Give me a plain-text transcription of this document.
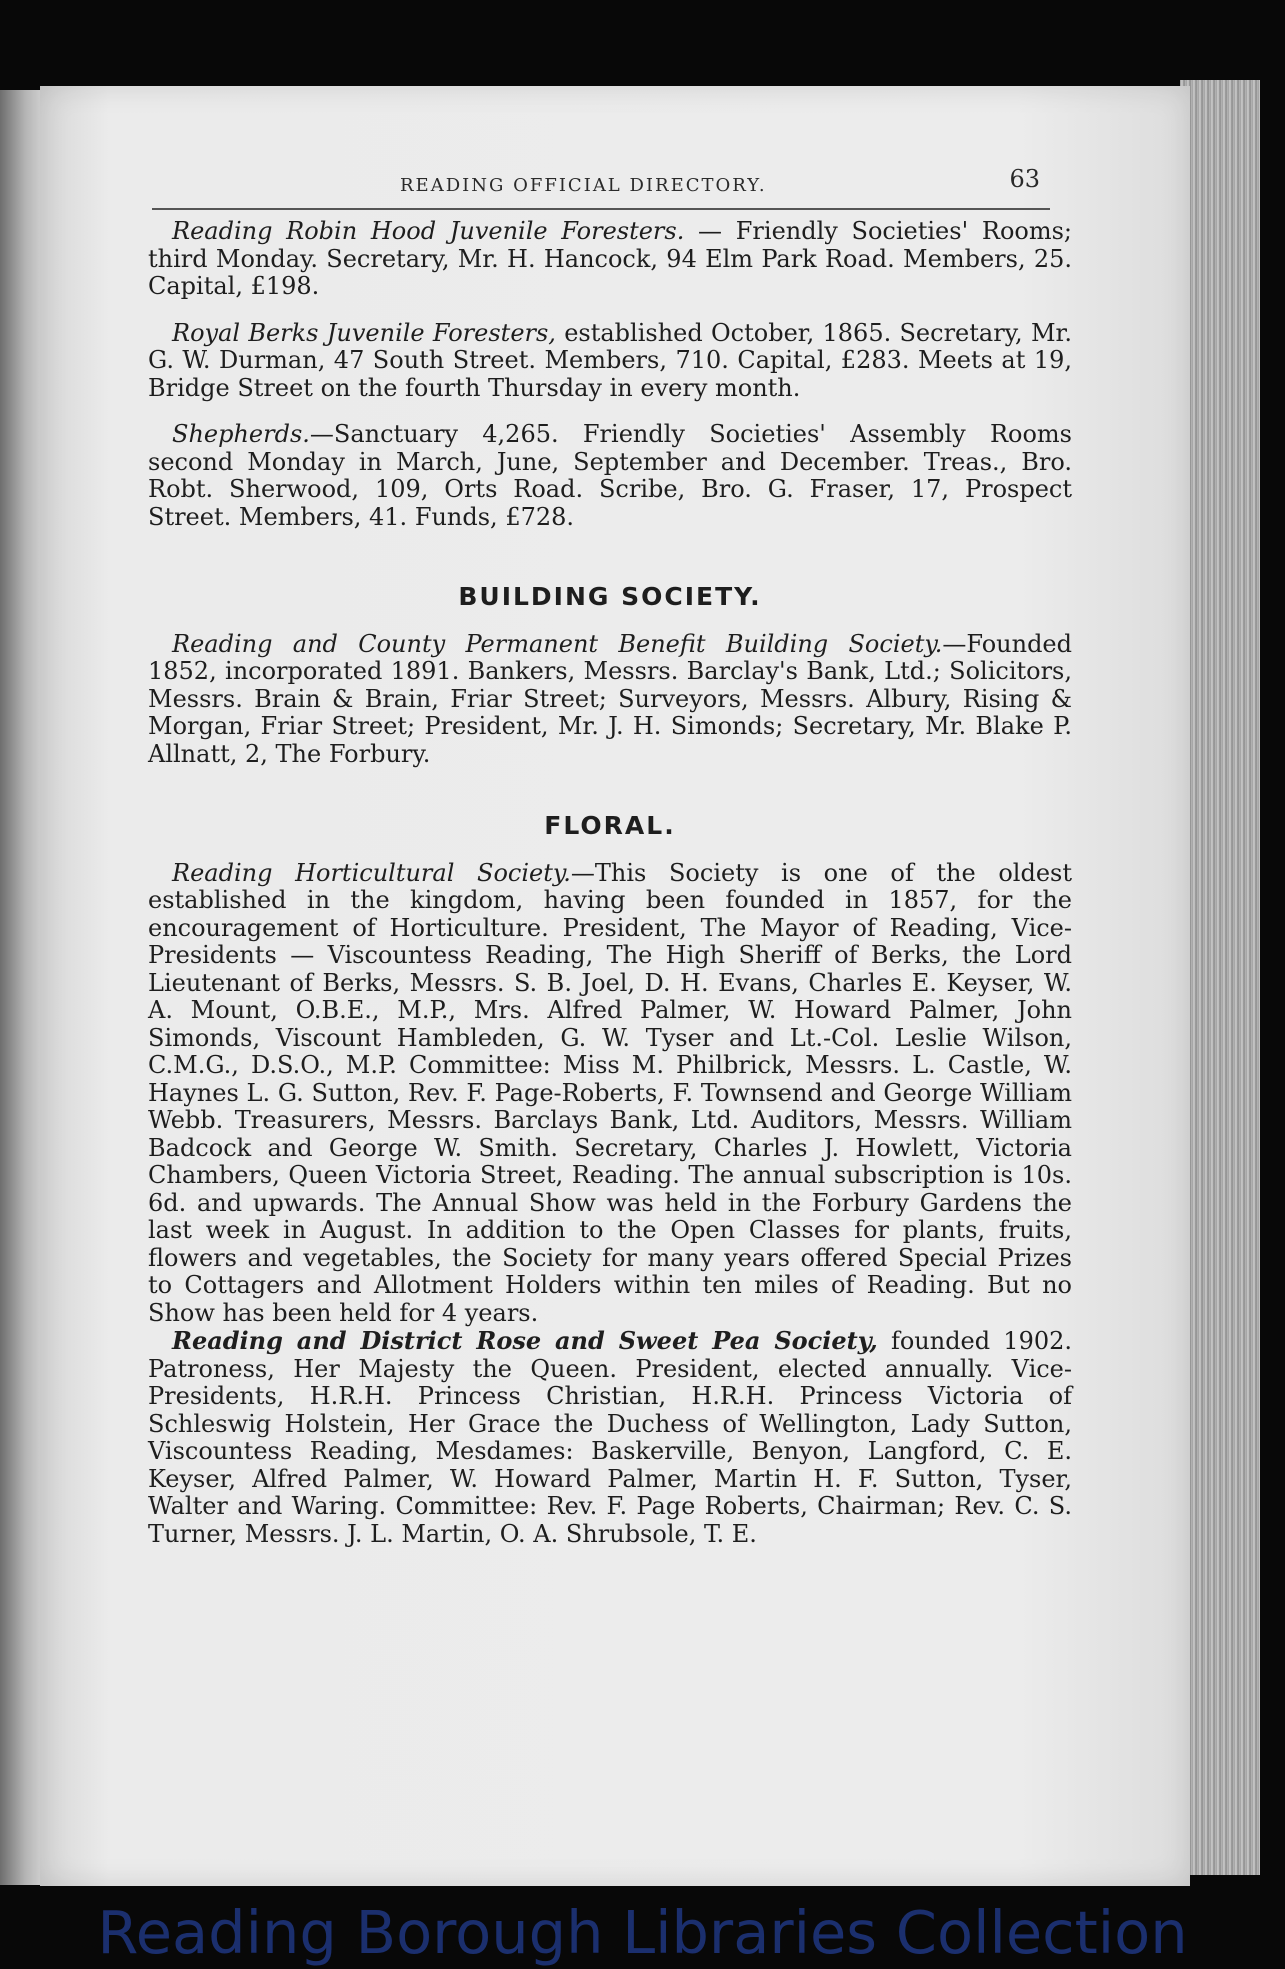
READING OFFICIAL DIRECTORY.	63

Reading Robin Hood Juvenile Foresters. — Friendly Societies' Rooms; third Monday. Secretary, Mr. H. Hancock, 94 Elm Park Road. Members, 25. Capital, £198.

Royal Berks Juvenile Foresters, established October, 1865. Secretary, Mr. G. W. Durman, 47 South Street. Members, 710. Capital, £283. Meets at 19, Bridge Street on the fourth Thursday in every month.

Shepherds.—Sanctuary 4,265. Friendly Societies' Assembly Rooms second Monday in March, June, September and December. Treas., Bro. Robt. Sherwood, 109, Orts Road. Scribe, Bro. G. Fraser, 17, Prospect Street. Members, 41. Funds, £728.

BUILDING SOCIETY.

Reading and County Permanent Benefit Building Society.—Founded 1852, incorporated 1891. Bankers, Messrs. Barclay's Bank, Ltd.; Solicitors, Messrs. Brain & Brain, Friar Street; Surveyors, Messrs. Albury, Rising & Morgan, Friar Street; President, Mr. J. H. Simonds; Secretary, Mr. Blake P. Allnatt, 2, The Forbury.

FLORAL.

Reading Horticultural Society.—This Society is one of the oldest established in the kingdom, having been founded in 1857, for the encouragement of Horticulture. President, The Mayor of Reading, Vice-Presidents — Viscountess Reading, The High Sheriff of Berks, the Lord Lieutenant of Berks, Messrs. S. B. Joel, D. H. Evans, Charles E. Keyser, W. A. Mount, O.B.E., M.P., Mrs. Alfred Palmer, W. Howard Palmer, John Simonds, Viscount Hambleden, G. W. Tyser and Lt.-Col. Leslie Wilson, C.M.G., D.S.O., M.P. Committee: Miss M. Philbrick, Messrs. L. Castle, W. Haynes L. G. Sutton, Rev. F. Page-Roberts, F. Townsend and George William Webb. Treasurers, Messrs. Barclays Bank, Ltd. Auditors, Messrs. William Badcock and George W. Smith. Secretary, Charles J. Howlett, Victoria Chambers, Queen Victoria Street, Reading. The annual subscription is 10s. 6d. and upwards. The Annual Show was held in the Forbury Gardens the last week in August. In addition to the Open Classes for plants, fruits, flowers and vegetables, the Society for many years offered Special Prizes to Cottagers and Allotment Holders within ten miles of Reading. But no Show has been held for 4 years.

Reading and District Rose and Sweet Pea Society, founded 1902. Patroness, Her Majesty the Queen. President, elected annually. Vice-Presidents, H.R.H. Princess Christian, H.R.H. Princess Victoria of Schleswig Holstein, Her Grace the Duchess of Wellington, Lady Sutton, Viscountess Reading, Mesdames: Baskerville, Benyon, Langford, C. E. Keyser, Alfred Palmer, W. Howard Palmer, Martin H. F. Sutton, Tyser, Walter and Waring. Committee: Rev. F. Page Roberts, Chairman; Rev. C. S. Turner, Messrs. J. L. Martin, O. A. Shrubsole, T. E.

Reading Borough Libraries Collection
